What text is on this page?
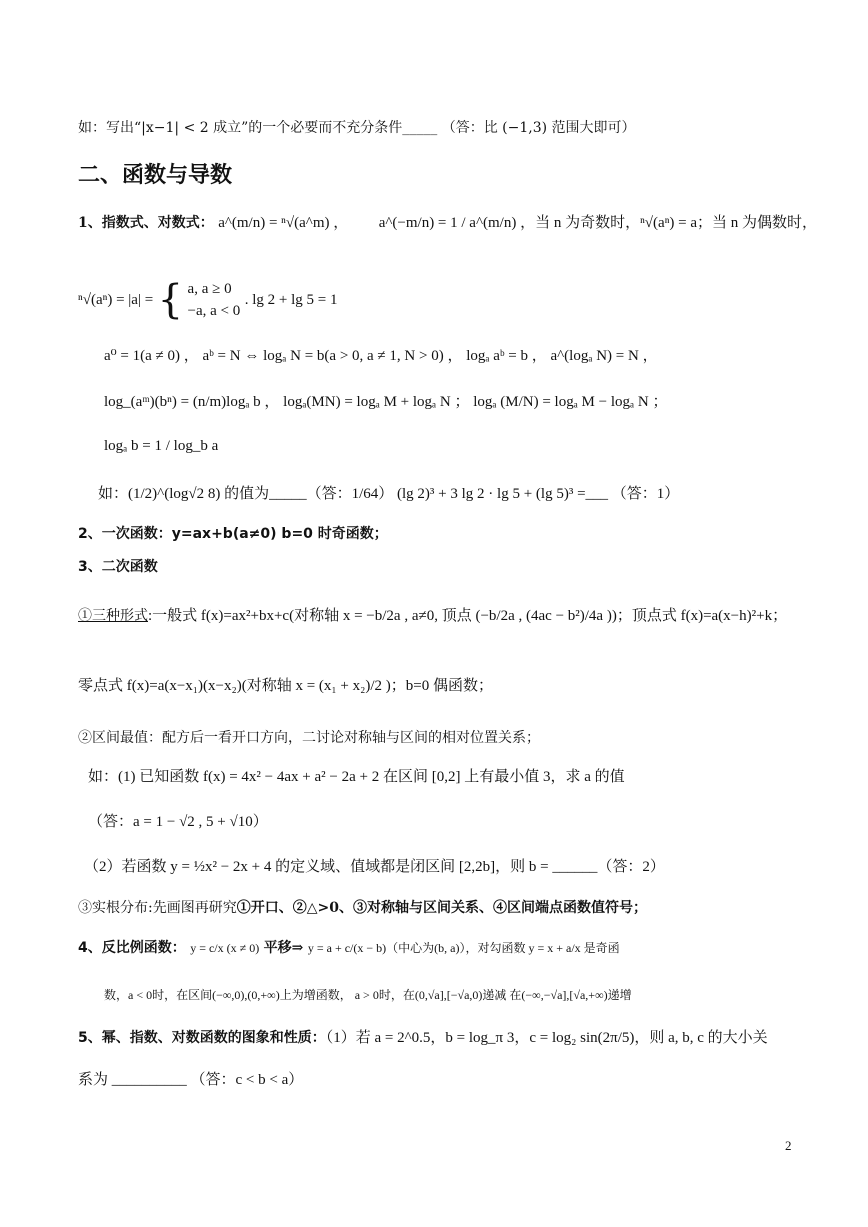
如：写出“|x−1| < 2 成立”的一个必要而不充分条件_____ （答：比 (−1,3) 范围大即可）
二、函数与导数
1、指数式、对数式： a^(m/n) = ⁿ√(a^m) ， a^(−m/n) = 1 / a^(m/n) ，当 n 为奇数时，ⁿ√(aⁿ) = a；当 n 为偶数时，
ⁿ√(aⁿ) = |a| = { a, a ≥ 0
−a, a < 0
. lg 2 + lg 5 = 1
a⁰ = 1(a ≠ 0) ， aᵇ = N ⇔ logₐ N = b(a > 0, a ≠ 1, N > 0) ， logₐ aᵇ = b ， a^(logₐ N) = N ，
log_(aᵐ)(bⁿ) = (n/m)logₐ b ， logₐ(MN) = logₐ M + logₐ N ； logₐ (M/N) = logₐ M − logₐ N ；
logₐ b = 1 / log_b a
如：(1/2)^(log√2 8) 的值为_____（答：1/64） (lg 2)³ + 3 lg 2 · lg 5 + (lg 5)³ =___ （答：1）
2、一次函数：y=ax+b(a≠0) b=0 时奇函数；
3、二次函数
①三种形式:一般式 f(x)=ax²+bx+c(对称轴 x = −b/2a , a≠0, 顶点 (−b/2a , (4ac − b²)/4a ))；顶点式 f(x)=a(x−h)²+k；
零点式 f(x)=a(x−x₁)(x−x₂)(对称轴 x = (x₁ + x₂)/2 )；b=0 偶函数；
②区间最值：配方后一看开口方向，二讨论对称轴与区间的相对位置关系；
如：(1) 已知函数 f(x) = 4x² − 4ax + a² − 2a + 2 在区间 [0,2] 上有最小值 3，求 a 的值
（答：a = 1 − √2 , 5 + √10）
（2）若函数 y = ½x² − 2x + 4 的定义域、值域都是闭区间 [2,2b]，则 b = ______（答：2）
③实根分布:先画图再研究①开口、②△>0、③对称轴与区间关系、④区间端点函数值符号；
4、反比例函数： y = c/x (x ≠ 0) 平移⇒ y = a + c/(x − b)（中心为(b, a)），对勾函数 y = x + a/x 是奇函
数，a < 0时，在区间(−∞,0),(0,+∞)上为增函数， a > 0时，在(0,√a],[−√a,0)递减 在(−∞,−√a],[√a,+∞)递增
5、幂、指数、对数函数的图象和性质：（1）若 a = 2^0.5，b = log_π 3，c = log₂ sin(2π/5)，则 a, b, c 的大小关
系为 __________ （答：c < b < a）
2
